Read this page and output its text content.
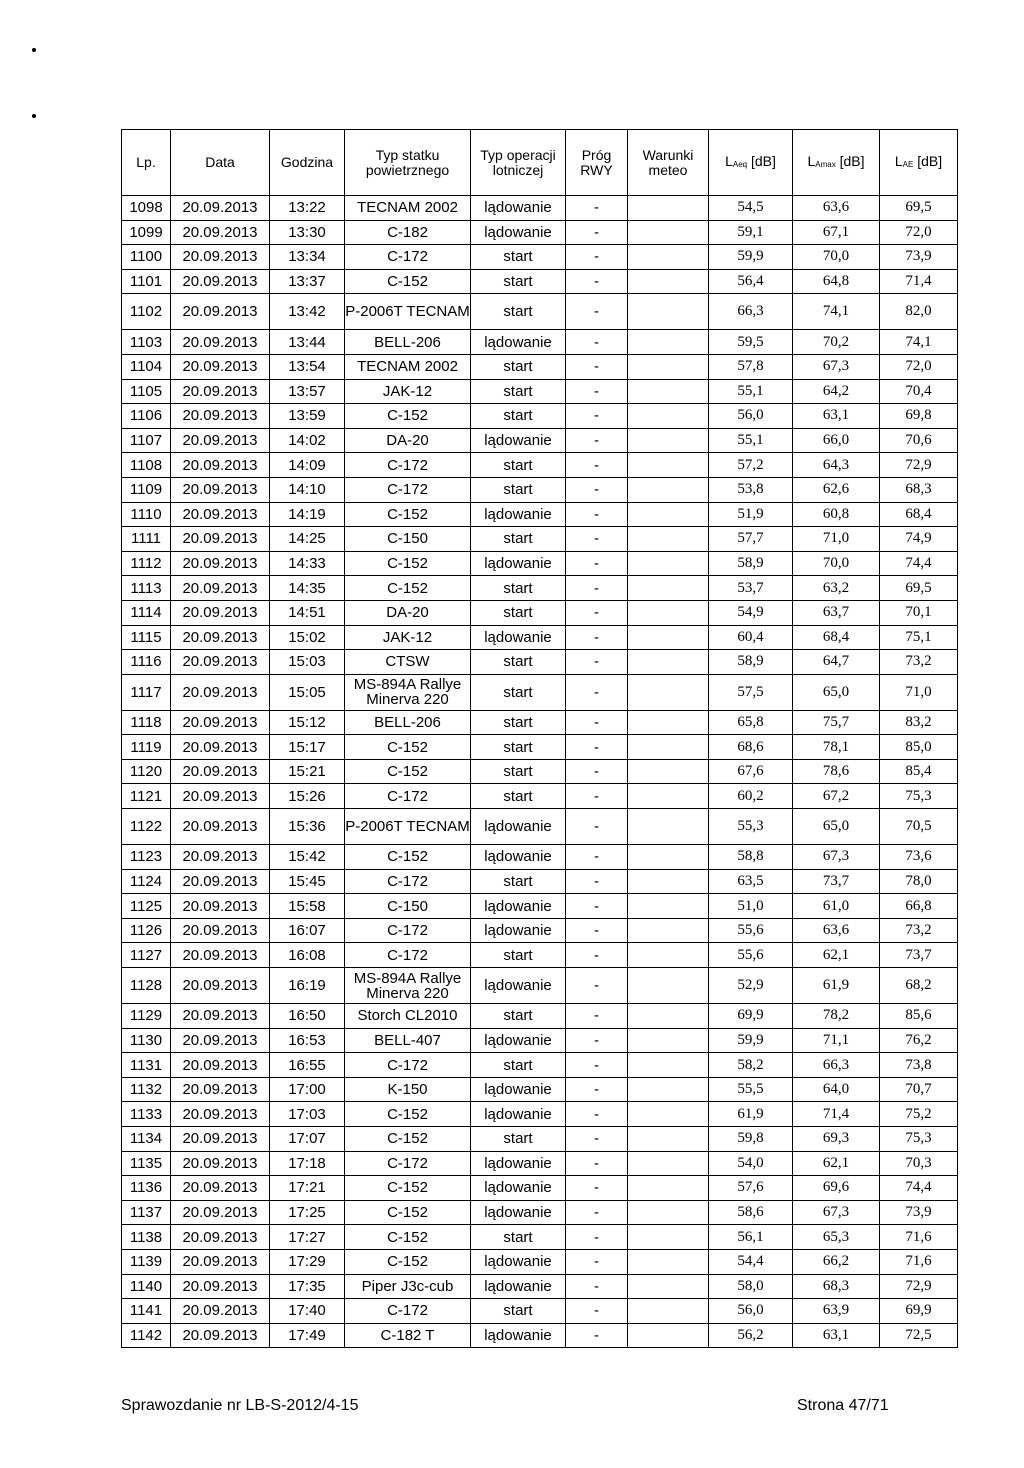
Lp.	Data	Godzina	Typ statku powietrznego	Typ operacji lotniczej	Próg RWY	Warunki meteo	LAeq [dB]	LAmax [dB]	LAE [dB]
1098	20.09.2013	13:22	TECNAM 2002	lądowanie	-		54,5	63,6	69,5
1099	20.09.2013	13:30	C-182	lądowanie	-		59,1	67,1	72,0
1100	20.09.2013	13:34	C-172	start	-		59,9	70,0	73,9
1101	20.09.2013	13:37	C-152	start	-		56,4	64,8	71,4
1102	20.09.2013	13:42	P-2006T TECNAM	start	-		66,3	74,1	82,0
1103	20.09.2013	13:44	BELL-206	lądowanie	-		59,5	70,2	74,1
1104	20.09.2013	13:54	TECNAM 2002	start	-		57,8	67,3	72,0
1105	20.09.2013	13:57	JAK-12	start	-		55,1	64,2	70,4
1106	20.09.2013	13:59	C-152	start	-		56,0	63,1	69,8
1107	20.09.2013	14:02	DA-20	lądowanie	-		55,1	66,0	70,6
1108	20.09.2013	14:09	C-172	start	-		57,2	64,3	72,9
1109	20.09.2013	14:10	C-172	start	-		53,8	62,6	68,3
1110	20.09.2013	14:19	C-152	lądowanie	-		51,9	60,8	68,4
1111	20.09.2013	14:25	C-150	start	-		57,7	71,0	74,9
1112	20.09.2013	14:33	C-152	lądowanie	-		58,9	70,0	74,4
1113	20.09.2013	14:35	C-152	start	-		53,7	63,2	69,5
1114	20.09.2013	14:51	DA-20	start	-		54,9	63,7	70,1
1115	20.09.2013	15:02	JAK-12	lądowanie	-		60,4	68,4	75,1
1116	20.09.2013	15:03	CTSW	start	-		58,9	64,7	73,2
1117	20.09.2013	15:05	MS-894A Rallye Minerva 220	start	-		57,5	65,0	71,0
1118	20.09.2013	15:12	BELL-206	start	-		65,8	75,7	83,2
1119	20.09.2013	15:17	C-152	start	-		68,6	78,1	85,0
1120	20.09.2013	15:21	C-152	start	-		67,6	78,6	85,4
1121	20.09.2013	15:26	C-172	start	-		60,2	67,2	75,3
1122	20.09.2013	15:36	P-2006T TECNAM	lądowanie	-		55,3	65,0	70,5
1123	20.09.2013	15:42	C-152	lądowanie	-		58,8	67,3	73,6
1124	20.09.2013	15:45	C-172	start	-		63,5	73,7	78,0
1125	20.09.2013	15:58	C-150	lądowanie	-		51,0	61,0	66,8
1126	20.09.2013	16:07	C-172	lądowanie	-		55,6	63,6	73,2
1127	20.09.2013	16:08	C-172	start	-		55,6	62,1	73,7
1128	20.09.2013	16:19	MS-894A Rallye Minerva 220	lądowanie	-		52,9	61,9	68,2
1129	20.09.2013	16:50	Storch CL2010	start	-		69,9	78,2	85,6
1130	20.09.2013	16:53	BELL-407	lądowanie	-		59,9	71,1	76,2
1131	20.09.2013	16:55	C-172	start	-		58,2	66,3	73,8
1132	20.09.2013	17:00	K-150	lądowanie	-		55,5	64,0	70,7
1133	20.09.2013	17:03	C-152	lądowanie	-		61,9	71,4	75,2
1134	20.09.2013	17:07	C-152	start	-		59,8	69,3	75,3
1135	20.09.2013	17:18	C-172	lądowanie	-		54,0	62,1	70,3
1136	20.09.2013	17:21	C-152	lądowanie	-		57,6	69,6	74,4
1137	20.09.2013	17:25	C-152	lądowanie	-		58,6	67,3	73,9
1138	20.09.2013	17:27	C-152	start	-		56,1	65,3	71,6
1139	20.09.2013	17:29	C-152	lądowanie	-		54,4	66,2	71,6
1140	20.09.2013	17:35	Piper J3c-cub	lądowanie	-		58,0	68,3	72,9
1141	20.09.2013	17:40	C-172	start	-		56,0	63,9	69,9
1142	20.09.2013	17:49	C-182 T	lądowanie	-		56,2	63,1	72,5
Sprawozdanie nr LB-S-2012/4-15	Strona 47/71
